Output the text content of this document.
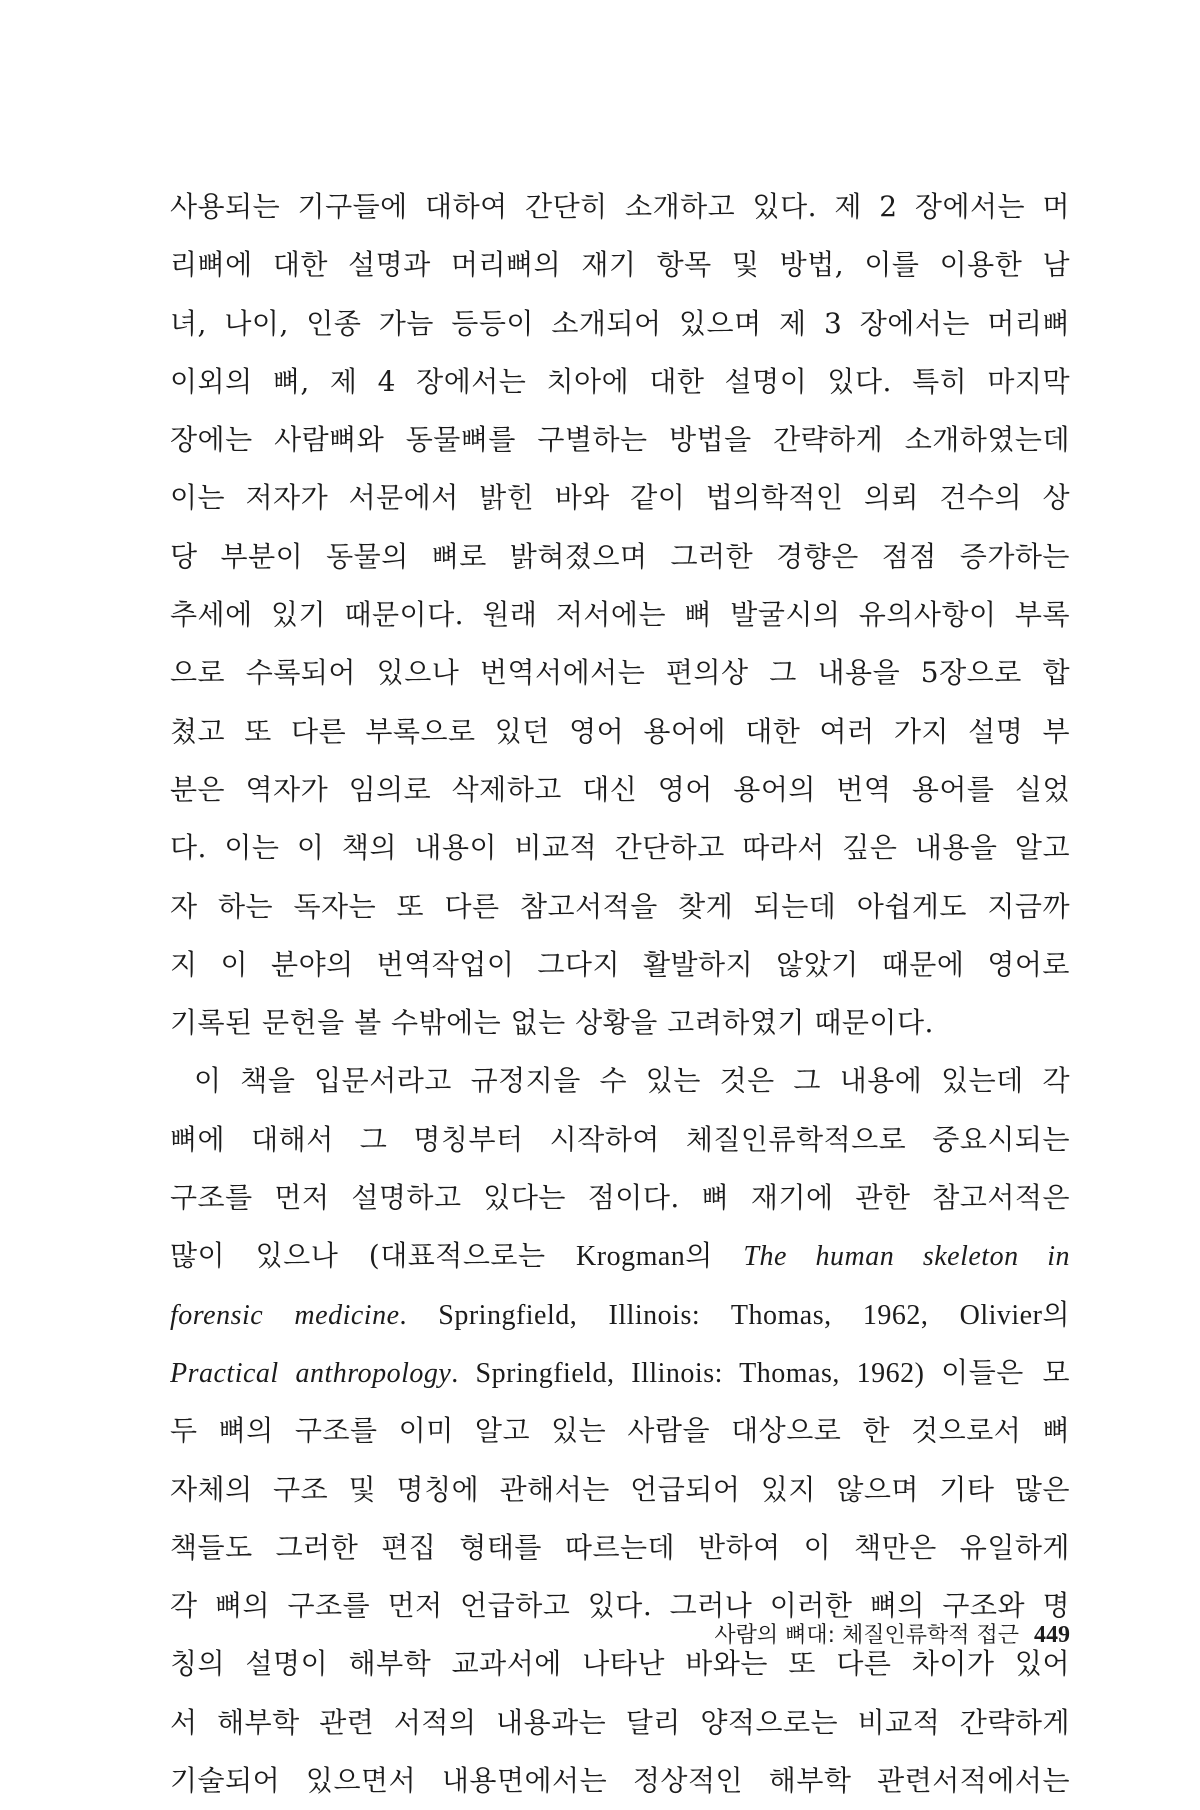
사용되는 기구들에 대하여 간단히 소개하고 있다. 제 2 장에서는 머
리뼈에 대한 설명과 머리뼈의 재기 항목 및 방법, 이를 이용한 남
녀, 나이, 인종 가늠 등등이 소개되어 있으며 제 3 장에서는 머리뼈
이외의 뼈, 제 4 장에서는 치아에 대한 설명이 있다. 특히 마지막
장에는 사람뼈와 동물뼈를 구별하는 방법을 간략하게 소개하였는데
이는 저자가 서문에서 밝힌 바와 같이 법의학적인 의뢰 건수의 상
당 부분이 동물의 뼈로 밝혀졌으며 그러한 경향은 점점 증가하는
추세에 있기 때문이다. 원래 저서에는 뼈 발굴시의 유의사항이 부록
으로 수록되어 있으나 번역서에서는 편의상 그 내용을 5장으로 합
쳤고 또 다른 부록으로 있던 영어 용어에 대한 여러 가지 설명 부
분은 역자가 임의로 삭제하고 대신 영어 용어의 번역 용어를 실었
다. 이는 이 책의 내용이 비교적 간단하고 따라서 깊은 내용을 알고
자 하는 독자는 또 다른 참고서적을 찾게 되는데 아쉽게도 지금까
지 이 분야의 번역작업이 그다지 활발하지 않았기 때문에 영어로
기록된 문헌을 볼 수밖에는 없는 상황을 고려하였기 때문이다.
이 책을 입문서라고 규정지을 수 있는 것은 그 내용에 있는데 각
뼈에 대해서 그 명칭부터 시작하여 체질인류학적으로 중요시되는
구조를 먼저 설명하고 있다는 점이다. 뼈 재기에 관한 참고서적은
많이 있으나 (대표적으로는 Krogman의 The human skeleton in
forensic medicine. Springfield, Illinois: Thomas, 1962, Olivier의
Practical anthropology. Springfield, Illinois: Thomas, 1962) 이들은 모
두 뼈의 구조를 이미 알고 있는 사람을 대상으로 한 것으로서 뼈
자체의 구조 및 명칭에 관해서는 언급되어 있지 않으며 기타 많은
책들도 그러한 편집 형태를 따르는데 반하여 이 책만은 유일하게
각 뼈의 구조를 먼저 언급하고 있다. 그러나 이러한 뼈의 구조와 명
칭의 설명이 해부학 교과서에 나타난 바와는 또 다른 차이가 있어
서 해부학 관련 서적의 내용과는 달리 양적으로는 비교적 간략하게
기술되어 있으면서 내용면에서는 정상적인 해부학 관련서적에서는
사람의 뼈대: 체질인류학적 접근 449
